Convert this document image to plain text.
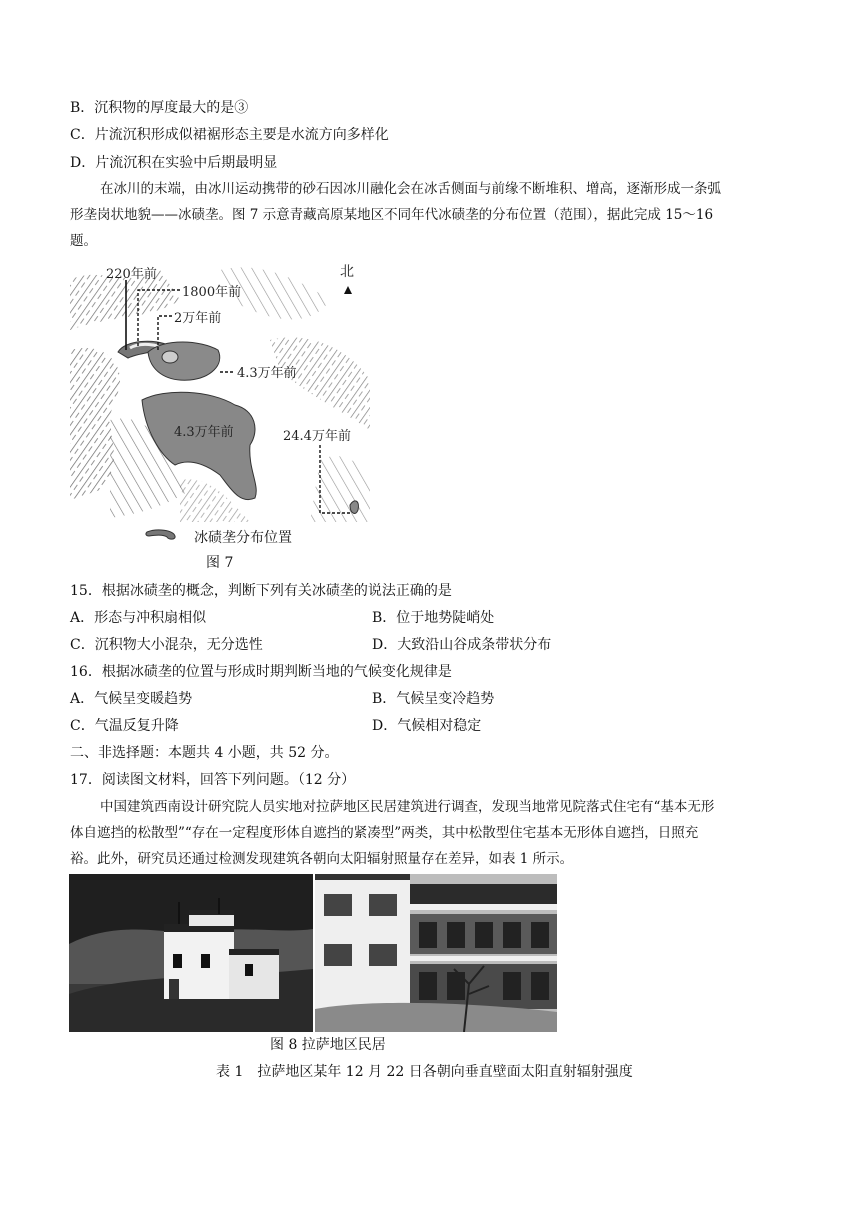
B．沉积物的厚度最大的是③
C．片流沉积形成似裙裾形态主要是水流方向多样化
D．片流沉积在实验中后期最明显
在冰川的末端，由冰川运动携带的砂石因冰川融化会在冰舌侧面与前缘不断堆积、增高，逐渐形成一条弧
形垄岗状地貌——冰碛垄。图 7 示意青藏高原某地区不同年代冰碛垄的分布位置（范围），据此完成 15～16
题。
北
220年前
1800年前
2万年前
4.3万年前
4.3万年前	24.4万年前
冰碛垄分布位置
图 7
15．根据冰碛垄的概念，判断下列有关冰碛垄的说法正确的是
A．形态与冲积扇相似	B．位于地势陡峭处
C．沉积物大小混杂，无分选性	D．大致沿山谷成条带状分布
16．根据冰碛垄的位置与形成时期判断当地的气候变化规律是
A．气候呈变暖趋势	B．气候呈变冷趋势
C．气温反复升降	D．气候相对稳定
二、非选择题：本题共 4 小题，共 52 分。
17．阅读图文材料，回答下列问题。（12 分）
中国建筑西南设计研究院人员实地对拉萨地区民居建筑进行调查，发现当地常见院落式住宅有“基本无形
体自遮挡的松散型”“存在一定程度形体自遮挡的紧凑型”两类，其中松散型住宅基本无形体自遮挡，日照充
裕。此外，研究员还通过检测发现建筑各朝向太阳辐射照量存在差异，如表 1 所示。
图 8 拉萨地区民居
表 1　拉萨地区某年 12 月 22 日各朝向垂直壁面太阳直射辐射强度
